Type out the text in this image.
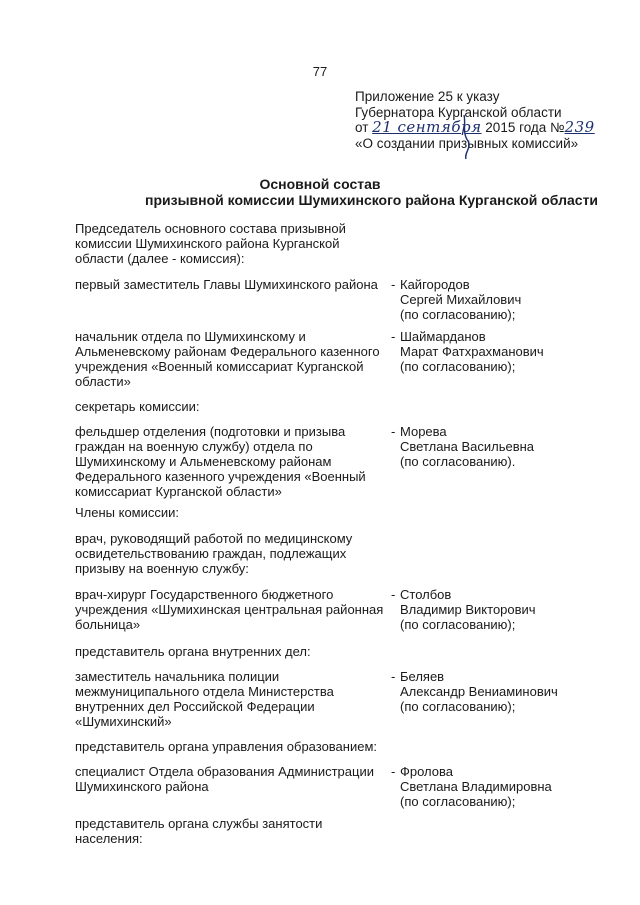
77
Приложение 25 к указу
Губернатора Курганской области
от 21 сентября 2015 года №239
«О создании призывных комиссий»
Основной состав
призывной комиссии Шумихинского района Курганской области
Председатель основного состава призывной комиссии Шумихинского района Курганской области (далее - комиссия):
первый заместитель Главы Шумихинского района	- Кайгородов
Сергей Михайлович
(по согласованию);
начальник отдела по Шумихинскому и Альменевскому районам Федерального казенного учреждения «Военный комиссариат Курганской области»
- Шаймарданов
Марат Фатхрахманович
(по согласованию);
секретарь комиссии:
фельдшер отделения (подготовки и призыва граждан на военную службу) отдела по Шумихинскому и Альменевскому районам Федерального казенного учреждения «Военный комиссариат Курганской области»
- Морева
Светлана Васильевна
(по согласованию).
Члены комиссии:
врач, руководящий работой по медицинскому освидетельствованию граждан, подлежащих призыву на военную службу:
врач-хирург Государственного бюджетного учреждения «Шумихинская центральная районная больница»
- Столбов
Владимир Викторович
(по согласованию);
представитель органа внутренних дел:
заместитель начальника полиции межмуниципального отдела Министерства внутренних дел Российской Федерации «Шумихинский»
- Беляев
Александр Вениаминович
(по согласованию);
представитель органа управления образованием:
специалист Отдела образования Администрации Шумихинского района
- Фролова
Светлана Владимировна
(по согласованию);
представитель органа службы занятости населения:
